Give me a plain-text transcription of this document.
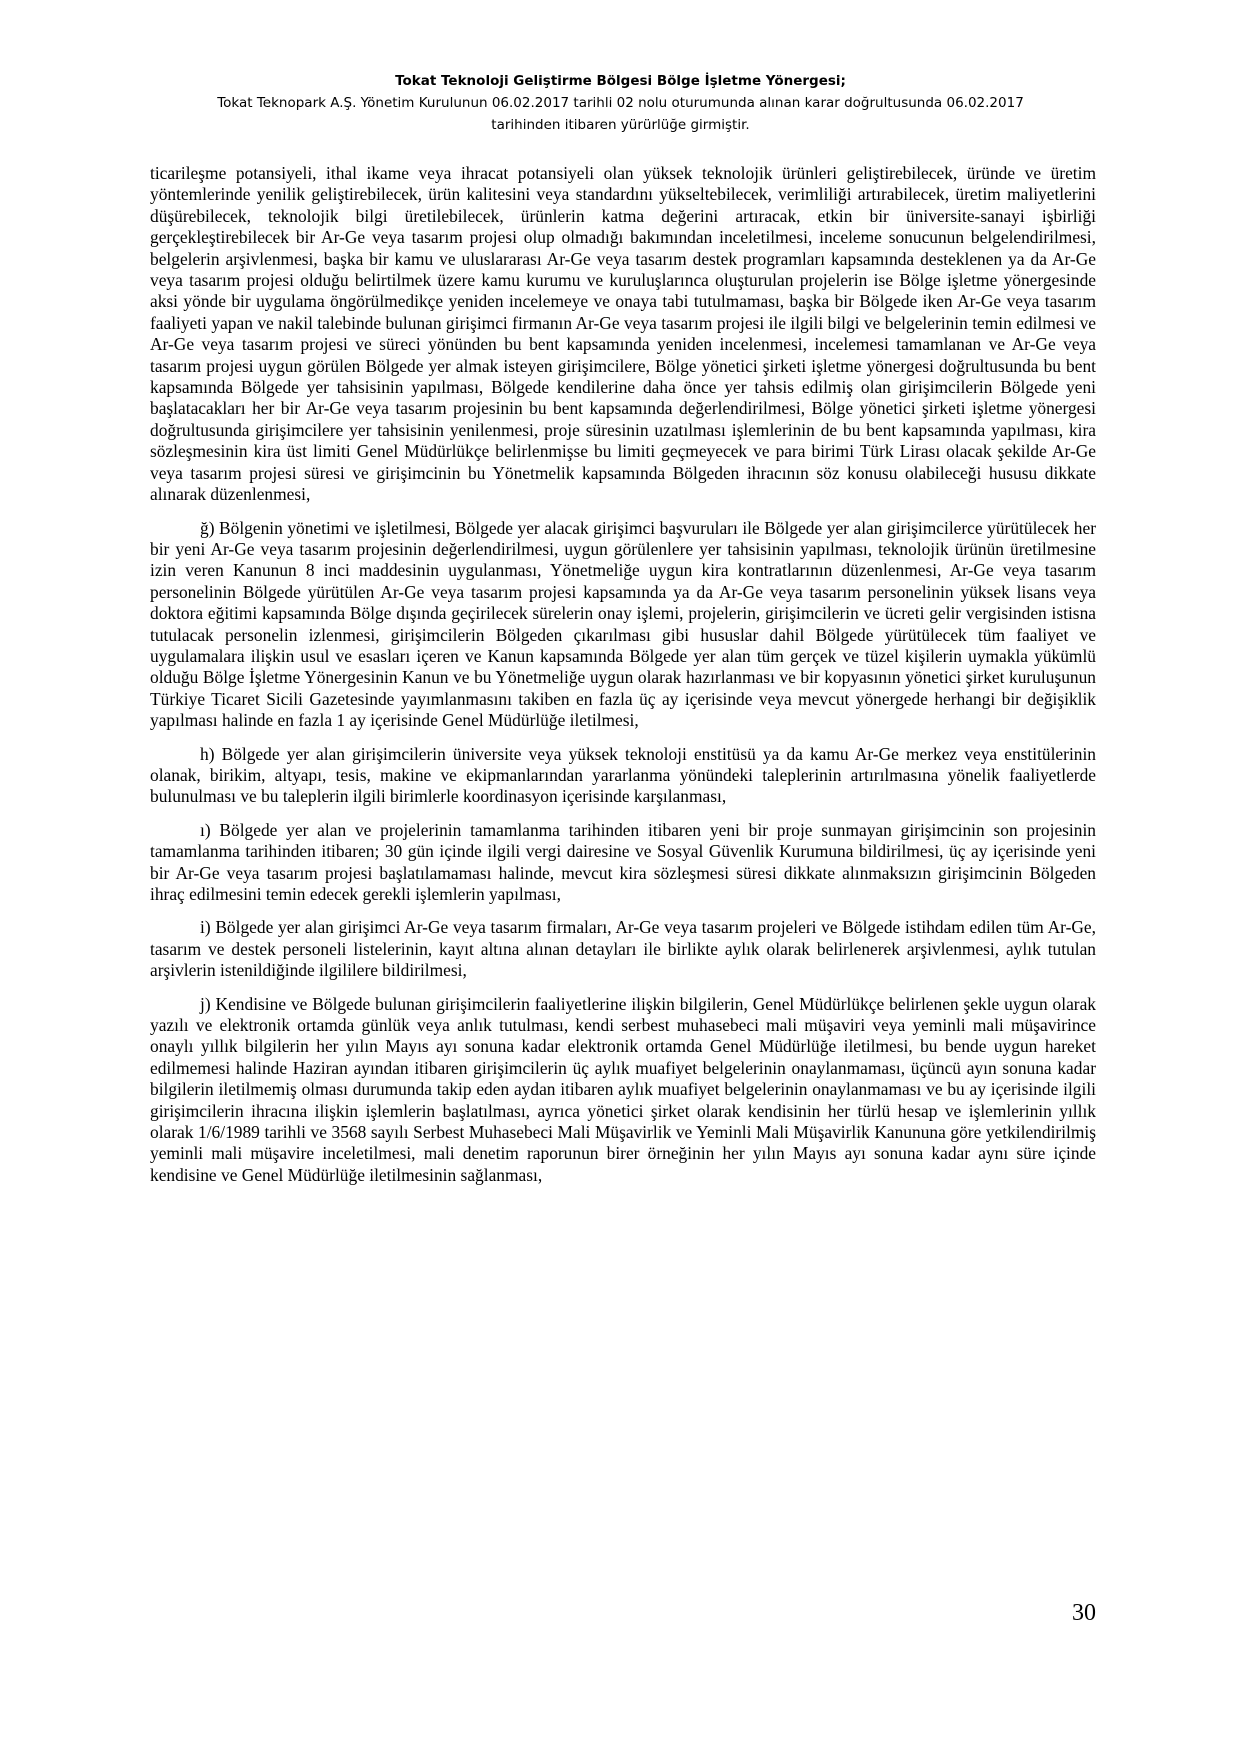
Tokat Teknoloji Geliştirme Bölgesi Bölge İşletme Yönergesi;
Tokat Teknopark A.Ş. Yönetim Kurulunun 06.02.2017 tarihli 02 nolu oturumunda alınan karar doğrultusunda 06.02.2017
tarihinden itibaren yürürlüğe girmiştir.

ticarileşme potansiyeli, ithal ikame veya ihracat potansiyeli olan yüksek teknolojik ürünleri geliştirebilecek, üründe ve üretim yöntemlerinde yenilik geliştirebilecek, ürün kalitesini veya standardını yükseltebilecek, verimliliği artırabilecek, üretim maliyetlerini düşürebilecek, teknolojik bilgi üretilebilecek, ürünlerin katma değerini artıracak, etkin bir üniversite-sanayi işbirliği gerçekleştirebilecek bir Ar-Ge veya tasarım projesi olup olmadığı bakımından inceletilmesi, inceleme sonucunun belgelendirilmesi, belgelerin arşivlenmesi, başka bir kamu ve uluslararası Ar-Ge veya tasarım destek programları kapsamında desteklenen ya da Ar-Ge veya tasarım projesi olduğu belirtilmek üzere kamu kurumu ve kuruluşlarınca oluşturulan projelerin ise Bölge işletme yönergesinde aksi yönde bir uygulama öngörülmedikçe yeniden incelemeye ve onaya tabi tutulmaması, başka bir Bölgede iken Ar-Ge veya tasarım faaliyeti yapan ve nakil talebinde bulunan girişimci firmanın Ar-Ge veya tasarım projesi ile ilgili bilgi ve belgelerinin temin edilmesi ve Ar-Ge veya tasarım projesi ve süreci yönünden bu bent kapsamında yeniden incelenmesi, incelemesi tamamlanan ve Ar-Ge veya tasarım projesi uygun görülen Bölgede yer almak isteyen girişimcilere, Bölge yönetici şirketi işletme yönergesi doğrultusunda bu bent kapsamında Bölgede yer tahsisinin yapılması, Bölgede kendilerine daha önce yer tahsis edilmiş olan girişimcilerin Bölgede yeni başlatacakları her bir Ar-Ge veya tasarım projesinin bu bent kapsamında değerlendirilmesi, Bölge yönetici şirketi işletme yönergesi doğrultusunda girişimcilere yer tahsisinin yenilenmesi, proje süresinin uzatılması işlemlerinin de bu bent kapsamında yapılması, kira sözleşmesinin kira üst limiti Genel Müdürlükçe belirlenmişse bu limiti geçmeyecek ve para birimi Türk Lirası olacak şekilde Ar-Ge veya tasarım projesi süresi ve girişimcinin bu Yönetmelik kapsamında Bölgeden ihracının söz konusu olabileceği hususu dikkate alınarak düzenlenmesi,

ğ) Bölgenin yönetimi ve işletilmesi, Bölgede yer alacak girişimci başvuruları ile Bölgede yer alan girişimcilerce yürütülecek her bir yeni Ar-Ge veya tasarım projesinin değerlendirilmesi, uygun görülenlere yer tahsisinin yapılması, teknolojik ürünün üretilmesine izin veren Kanunun 8 inci maddesinin uygulanması, Yönetmeliğe uygun kira kontratlarının düzenlenmesi, Ar-Ge veya tasarım personelinin Bölgede yürütülen Ar-Ge veya tasarım projesi kapsamında ya da Ar-Ge veya tasarım personelinin yüksek lisans veya doktora eğitimi kapsamında Bölge dışında geçirilecek sürelerin onay işlemi, projelerin, girişimcilerin ve ücreti gelir vergisinden istisna tutulacak personelin izlenmesi, girişimcilerin Bölgeden çıkarılması gibi hususlar dahil Bölgede yürütülecek tüm faaliyet ve uygulamalara ilişkin usul ve esasları içeren ve Kanun kapsamında Bölgede yer alan tüm gerçek ve tüzel kişilerin uymakla yükümlü olduğu Bölge İşletme Yönergesinin Kanun ve bu Yönetmeliğe uygun olarak hazırlanması ve bir kopyasının yönetici şirket kuruluşunun Türkiye Ticaret Sicili Gazetesinde yayımlanmasını takiben en fazla üç ay içerisinde veya mevcut yönergede herhangi bir değişiklik yapılması halinde en fazla 1 ay içerisinde Genel Müdürlüğe iletilmesi,

h) Bölgede yer alan girişimcilerin üniversite veya yüksek teknoloji enstitüsü ya da kamu Ar-Ge merkez veya enstitülerinin olanak, birikim, altyapı, tesis, makine ve ekipmanlarından yararlanma yönündeki taleplerinin artırılmasına yönelik faaliyetlerde bulunulması ve bu taleplerin ilgili birimlerle koordinasyon içerisinde karşılanması,

ı) Bölgede yer alan ve projelerinin tamamlanma tarihinden itibaren yeni bir proje sunmayan girişimcinin son projesinin tamamlanma tarihinden itibaren; 30 gün içinde ilgili vergi dairesine ve Sosyal Güvenlik Kurumuna bildirilmesi, üç ay içerisinde yeni bir Ar-Ge veya tasarım projesi başlatılamaması halinde, mevcut kira sözleşmesi süresi dikkate alınmaksızın girişimcinin Bölgeden ihraç edilmesini temin edecek gerekli işlemlerin yapılması,

i) Bölgede yer alan girişimci Ar-Ge veya tasarım firmaları, Ar-Ge veya tasarım projeleri ve Bölgede istihdam edilen tüm Ar-Ge, tasarım ve destek personeli listelerinin, kayıt altına alınan detayları ile birlikte aylık olarak belirlenerek arşivlenmesi, aylık tutulan arşivlerin istenildiğinde ilgililere bildirilmesi,

j) Kendisine ve Bölgede bulunan girişimcilerin faaliyetlerine ilişkin bilgilerin, Genel Müdürlükçe belirlenen şekle uygun olarak yazılı ve elektronik ortamda günlük veya anlık tutulması, kendi serbest muhasebeci mali müşaviri veya yeminli mali müşavirince onaylı yıllık bilgilerin her yılın Mayıs ayı sonuna kadar elektronik ortamda Genel Müdürlüğe iletilmesi, bu bende uygun hareket edilmemesi halinde Haziran ayından itibaren girişimcilerin üç aylık muafiyet belgelerinin onaylanmaması, üçüncü ayın sonuna kadar bilgilerin iletilmemiş olması durumunda takip eden aydan itibaren aylık muafiyet belgelerinin onaylanmaması ve bu ay içerisinde ilgili girişimcilerin ihracına ilişkin işlemlerin başlatılması, ayrıca yönetici şirket olarak kendisinin her türlü hesap ve işlemlerinin yıllık olarak 1/6/1989 tarihli ve 3568 sayılı Serbest Muhasebeci Mali Müşavirlik ve Yeminli Mali Müşavirlik Kanununa göre yetkilendirilmiş yeminli mali müşavire inceletilmesi, mali denetim raporunun birer örneğinin her yılın Mayıs ayı sonuna kadar aynı süre içinde kendisine ve Genel Müdürlüğe iletilmesinin sağlanması,

30
